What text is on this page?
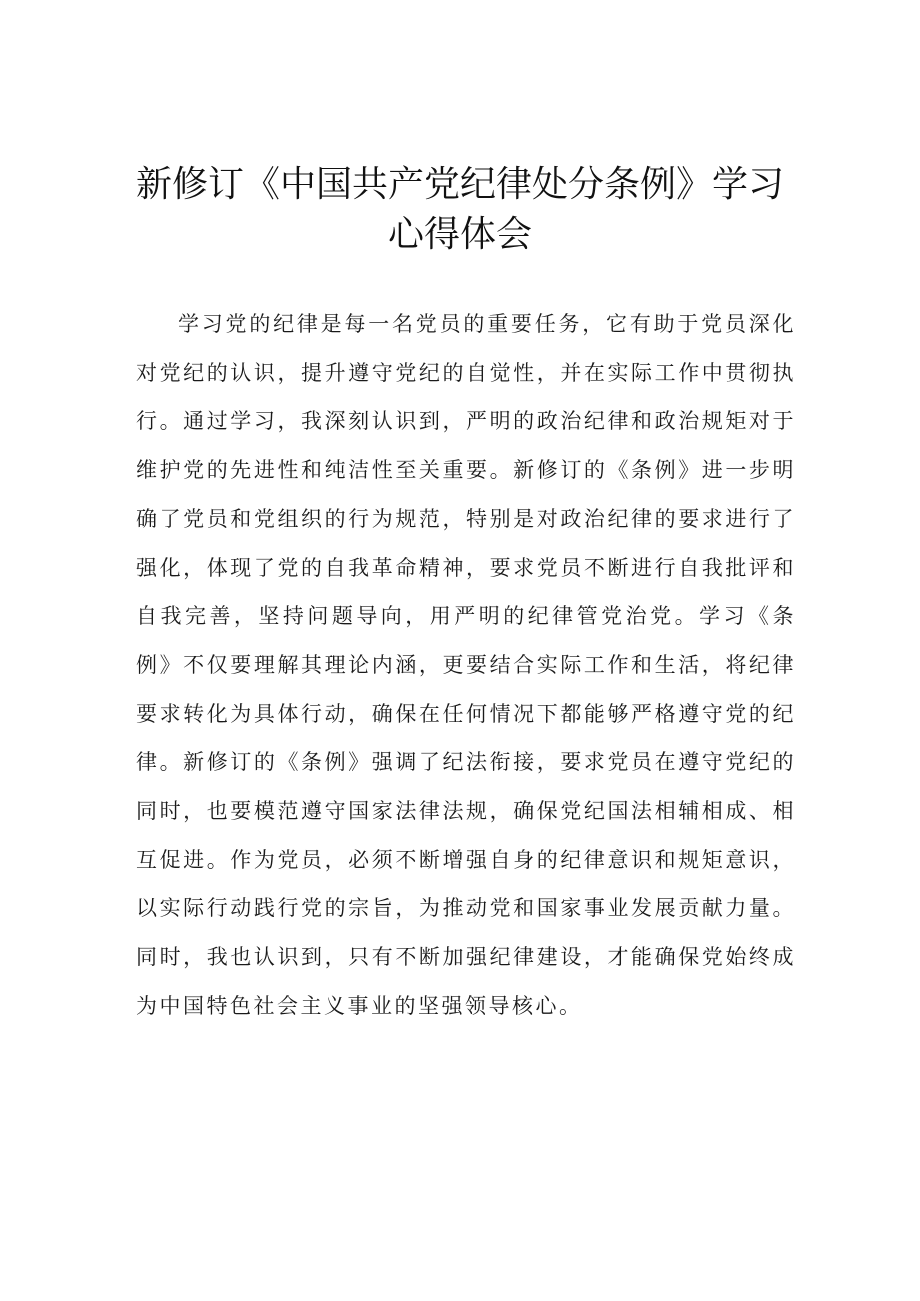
新修订《中国共产党纪律处分条例》学习心得体会

学习党的纪律是每一名党员的重要任务，它有助于党员深化对党纪的认识，提升遵守党纪的自觉性，并在实际工作中贯彻执行。通过学习，我深刻认识到，严明的政治纪律和政治规矩对于维护党的先进性和纯洁性至关重要。新修订的《条例》进一步明确了党员和党组织的行为规范，特别是对政治纪律的要求进行了强化，体现了党的自我革命精神，要求党员不断进行自我批评和自我完善，坚持问题导向，用严明的纪律管党治党。学习《条例》不仅要理解其理论内涵，更要结合实际工作和生活，将纪律要求转化为具体行动，确保在任何情况下都能够严格遵守党的纪律。新修订的《条例》强调了纪法衔接，要求党员在遵守党纪的同时，也要模范遵守国家法律法规，确保党纪国法相辅相成、相互促进。作为党员，必须不断增强自身的纪律意识和规矩意识，以实际行动践行党的宗旨，为推动党和国家事业发展贡献力量。同时，我也认识到，只有不断加强纪律建设，才能确保党始终成为中国特色社会主义事业的坚强领导核心。
